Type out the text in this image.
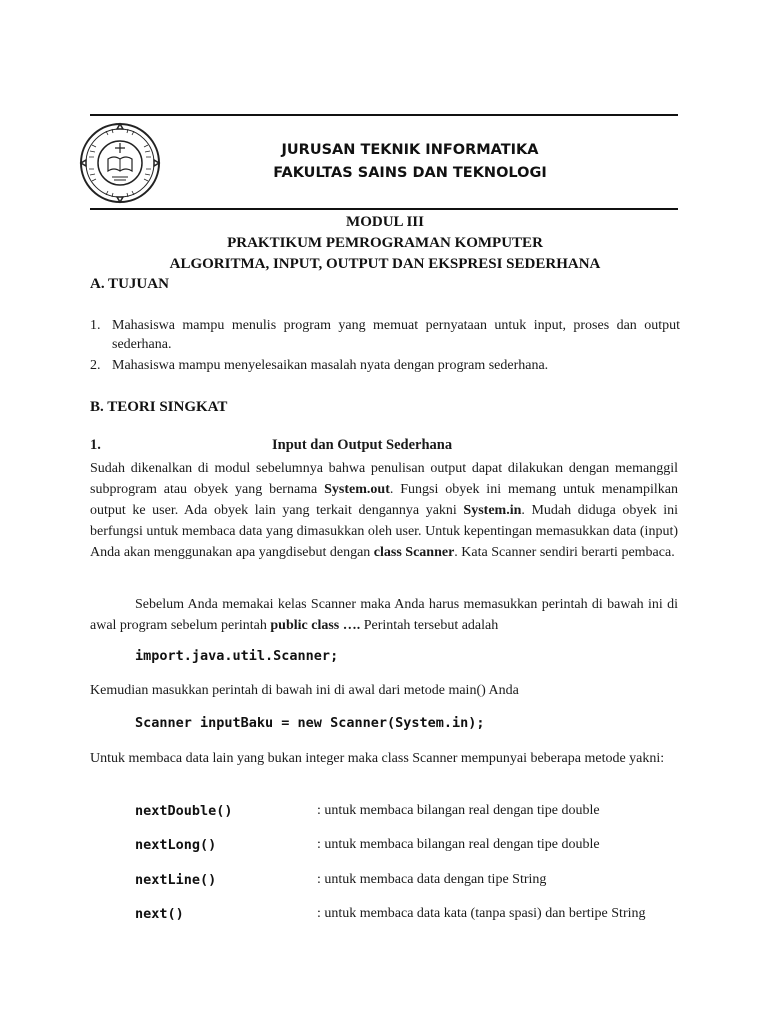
JURUSAN TEKNIK INFORMATIKA
FAKULTAS SAINS DAN TEKNOLOGI
MODUL III
PRAKTIKUM PEMROGRAMAN KOMPUTER
ALGORITMA, INPUT, OUTPUT DAN EKSPRESI SEDERHANA
A. TUJUAN
1. Mahasiswa mampu menulis program yang memuat pernyataan untuk input, proses dan output sederhana.
2. Mahasiswa mampu menyelesaikan masalah nyata dengan program sederhana.
B. TEORI SINGKAT
1.	Input dan Output Sederhana
Sudah dikenalkan di modul sebelumnya bahwa penulisan output dapat dilakukan dengan memanggil subprogram atau obyek yang bernama System.out. Fungsi obyek ini memang untuk menampilkan output ke user. Ada obyek lain yang terkait dengannya yakni System.in. Mudah diduga obyek ini berfungsi untuk membaca data yang dimasukkan oleh user. Untuk kepentingan memasukkan data (input) Anda akan menggunakan apa yangdisebut dengan class Scanner. Kata Scanner sendiri berarti pembaca.
Sebelum Anda memakai kelas Scanner maka Anda harus memasukkan perintah di bawah ini di awal program sebelum perintah public class …. Perintah tersebut adalah
import.java.util.Scanner;
Kemudian masukkan perintah di bawah ini di awal dari metode main() Anda
Scanner inputBaku = new Scanner(System.in);
Untuk membaca data lain yang bukan integer maka class Scanner mempunyai beberapa metode yakni:
nextDouble()	: untuk membaca bilangan real dengan tipe double
nextLong()	: untuk membaca bilangan real dengan tipe double
nextLine()	: untuk membaca data dengan tipe String
next()	: untuk membaca data kata (tanpa spasi) dan bertipe String
